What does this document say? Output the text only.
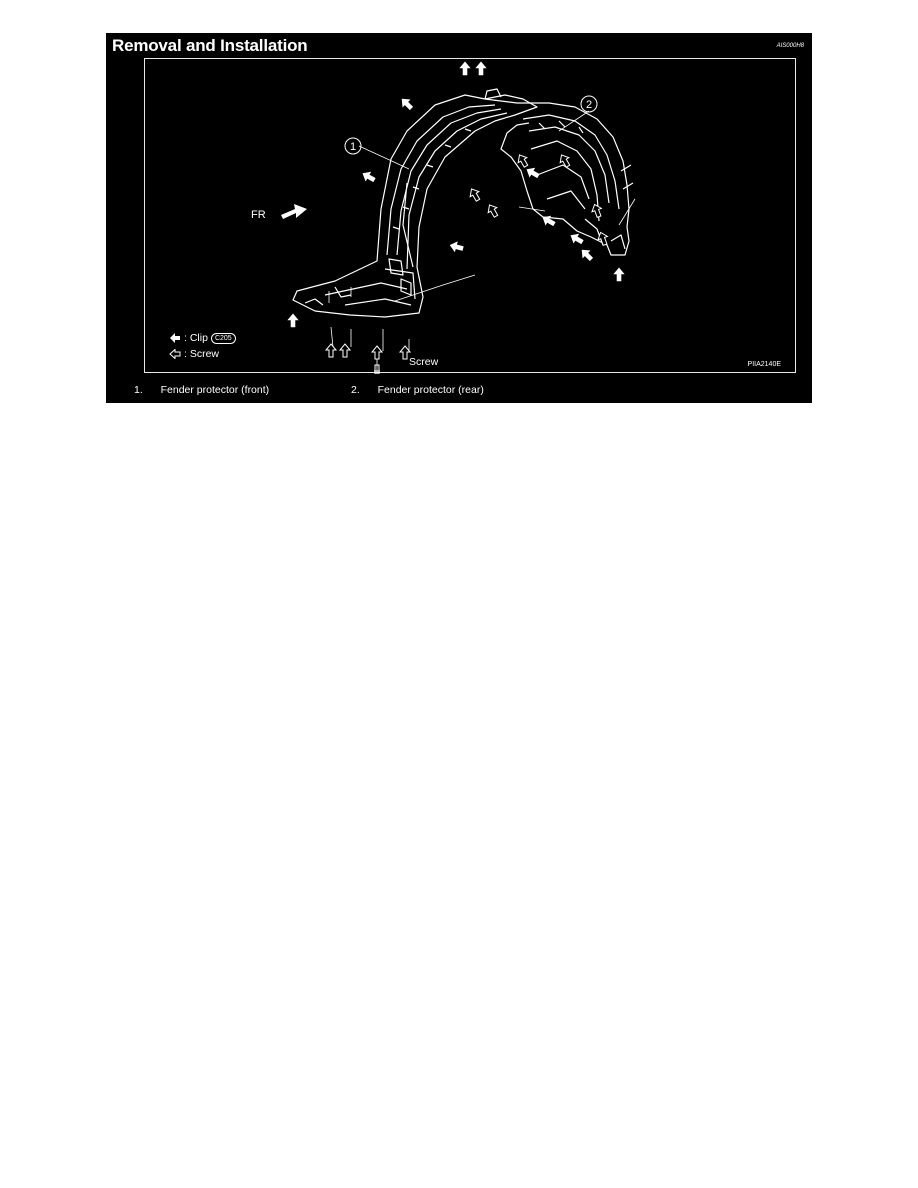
Removal and Installation	AIS000H8
1
2
FR
: Clip	C205
: Screw
Screw	PIIA2140E
1. Fender protector (front)	2. Fender protector (rear)
